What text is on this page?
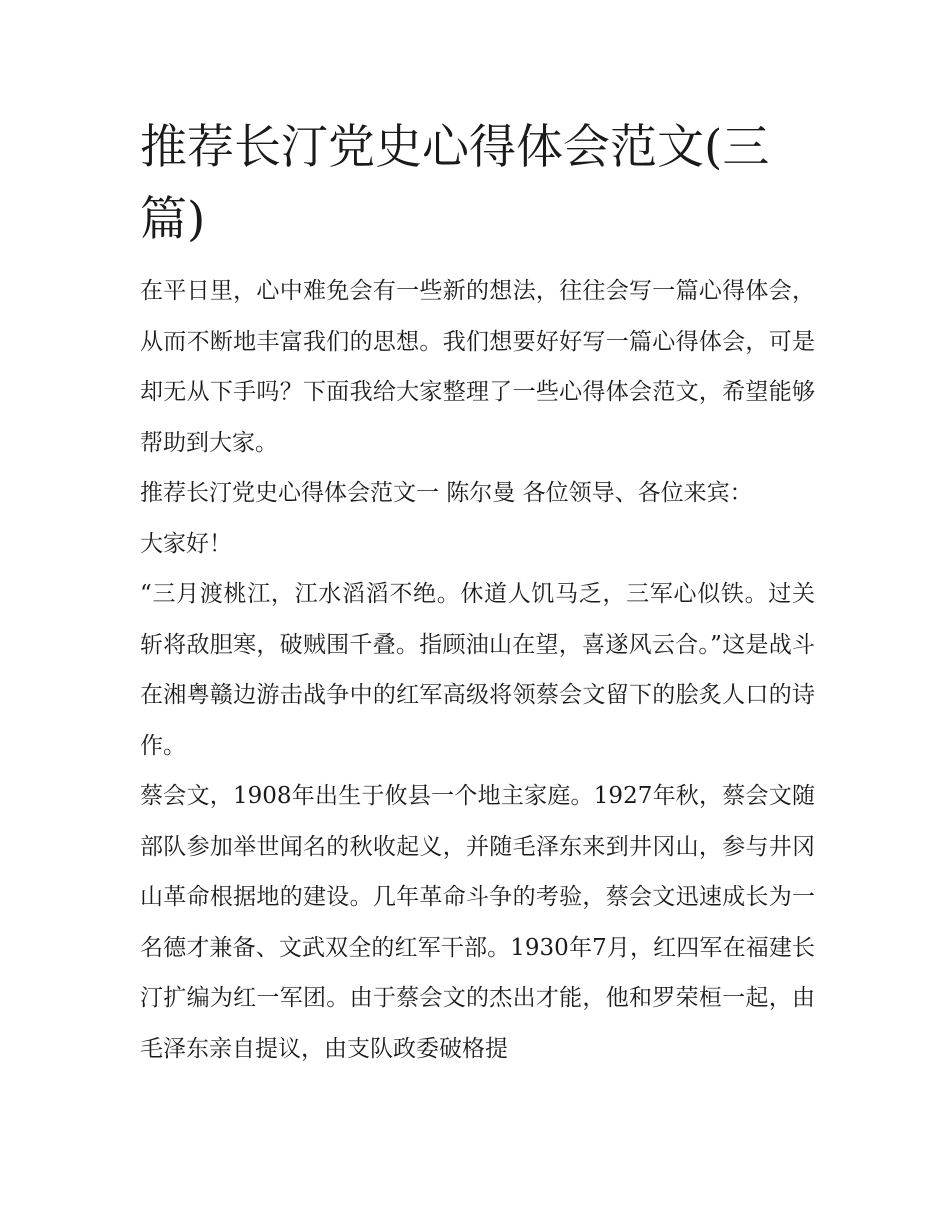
推荐长汀党史心得体会范文(三篇)

在平日里，心中难免会有一些新的想法，往往会写一篇心得体会，从而不断地丰富我们的思想。我们想要好好写一篇心得体会，可是却无从下手吗？下面我给大家整理了一些心得体会范文，希望能够帮助到大家。

推荐长汀党史心得体会范文一 陈尔曼 各位领导、各位来宾：

大家好！

“三月渡桃江，江水滔滔不绝。休道人饥马乏，三军心似铁。过关斩将敌胆寒，破贼围千叠。指顾油山在望，喜遂风云合。”这是战斗在湘粤赣边游击战争中的红军高级将领蔡会文留下的脍炙人口的诗作。

蔡会文，1908年出生于攸县一个地主家庭。1927年秋，蔡会文随部队参加举世闻名的秋收起义，并随毛泽东来到井冈山，参与井冈山革命根据地的建设。几年革命斗争的考验，蔡会文迅速成长为一名德才兼备、文武双全的红军干部。1930年7月，红四军在福建长汀扩编为红一军团。由于蔡会文的杰出才能，他和罗荣桓一起，由毛泽东亲自提议，由支队政委破格提
